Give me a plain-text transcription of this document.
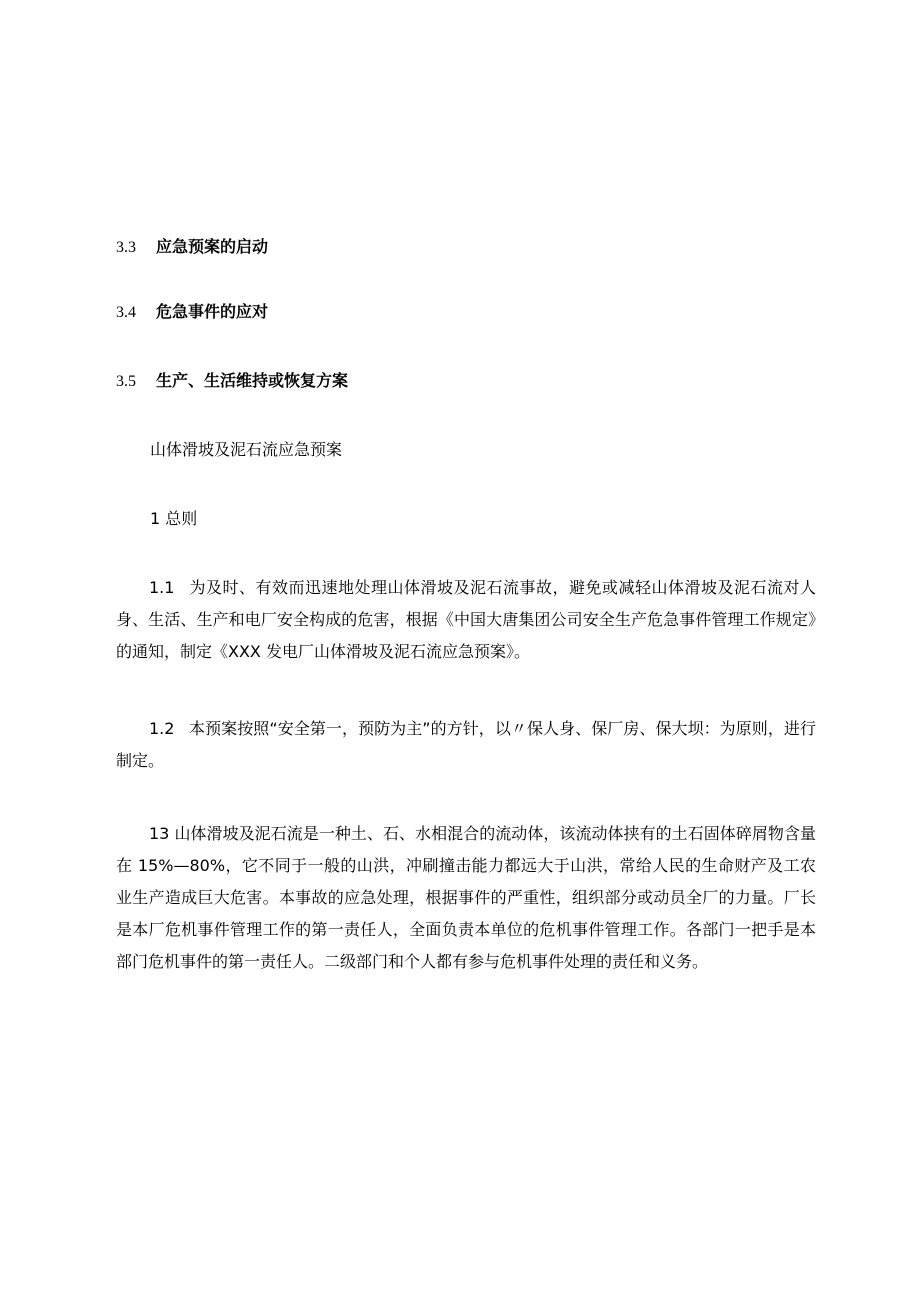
3.3 应急预案的启动
3.4 危急事件的应对
3.5 生产、生活维持或恢复方案
山体滑坡及泥石流应急预案
1 总则
1.1 为及时、有效而迅速地处理山体滑坡及泥石流事故，避免或减轻山体滑坡及泥石流对人身、生活、生产和电厂安全构成的危害，根据《中国大唐集团公司安全生产危急事件管理工作规定》的通知，制定《XXX 发电厂山体滑坡及泥石流应急预案》。
1.2 本预案按照“安全第一，预防为主”的方针，以〃保人身、保厂房、保大坝：为原则，进行制定。
13 山体滑坡及泥石流是一种土、石、水相混合的流动体，该流动体挟有的土石固体碎屑物含量在 15%—80%，它不同于一般的山洪，冲刷撞击能力都远大于山洪，常给人民的生命财产及工农业生产造成巨大危害。本事故的应急处理，根据事件的严重性，组织部分或动员全厂的力量。厂长是本厂危机事件管理工作的第一责任人，全面负责本单位的危机事件管理工作。各部门一把手是本部门危机事件的第一责任人。二级部门和个人都有参与危机事件处理的责任和义务。
